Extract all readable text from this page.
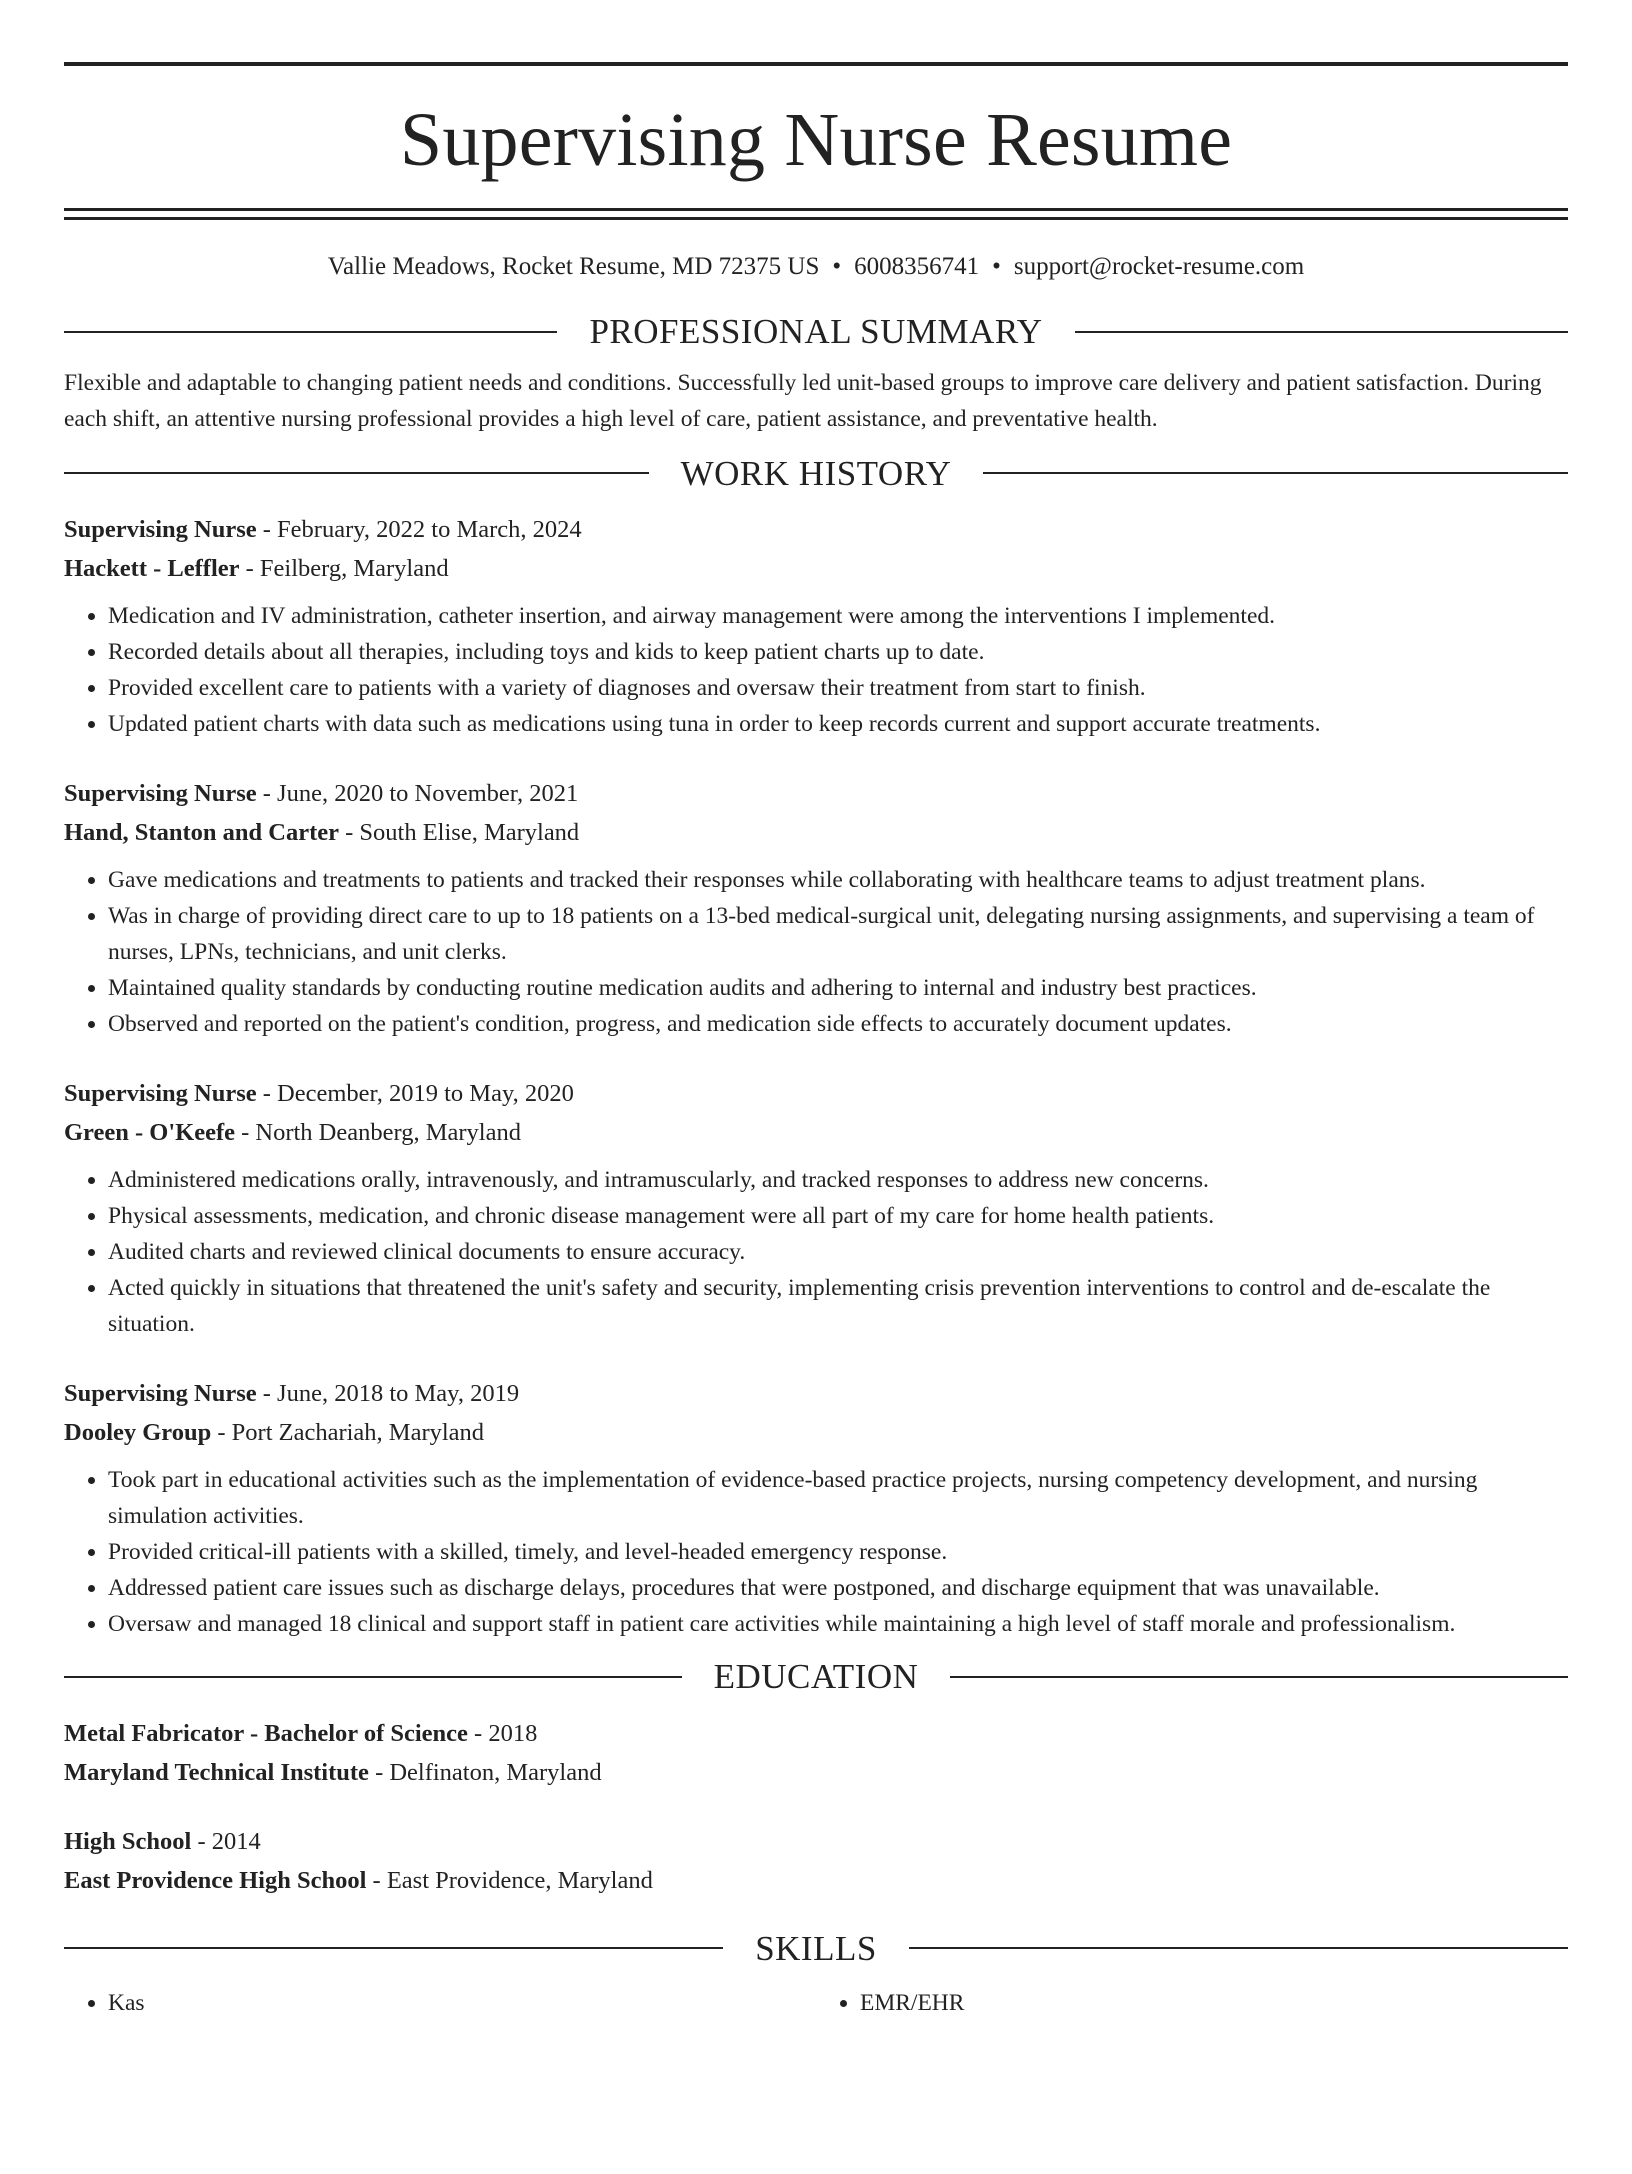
Supervising Nurse Resume
Vallie Meadows, Rocket Resume, MD 72375 US • 6008356741 • support@rocket-resume.com
PROFESSIONAL SUMMARY

Flexible and adaptable to changing patient needs and conditions. Successfully led unit-based groups to improve care delivery and patient satisfaction. During each shift, an attentive nursing professional provides a high level of care, patient assistance, and preventative health.

WORK HISTORY
Supervising Nurse - February, 2022 to March, 2024
Hackett - Leffler - Feilberg, Maryland
• Medication and IV administration, catheter insertion, and airway management were among the interventions I implemented.
• Recorded details about all therapies, including toys and kids to keep patient charts up to date.
• Provided excellent care to patients with a variety of diagnoses and oversaw their treatment from start to finish.
• Updated patient charts with data such as medications using tuna in order to keep records current and support accurate treatments.
Supervising Nurse - June, 2020 to November, 2021
Hand, Stanton and Carter - South Elise, Maryland
• Gave medications and treatments to patients and tracked their responses while collaborating with healthcare teams to adjust treatment plans.
• Was in charge of providing direct care to up to 18 patients on a 13-bed medical-surgical unit, delegating nursing assignments, and supervising a team of nurses, LPNs, technicians, and unit clerks.
• Maintained quality standards by conducting routine medication audits and adhering to internal and industry best practices.
• Observed and reported on the patient's condition, progress, and medication side effects to accurately document updates.
Supervising Nurse - December, 2019 to May, 2020
Green - O'Keefe - North Deanberg, Maryland
• Administered medications orally, intravenously, and intramuscularly, and tracked responses to address new concerns.
• Physical assessments, medication, and chronic disease management were all part of my care for home health patients.
• Audited charts and reviewed clinical documents to ensure accuracy.
• Acted quickly in situations that threatened the unit's safety and security, implementing crisis prevention interventions to control and de-escalate the situation.
Supervising Nurse - June, 2018 to May, 2019
Dooley Group - Port Zachariah, Maryland
• Took part in educational activities such as the implementation of evidence-based practice projects, nursing competency development, and nursing simulation activities.
• Provided critical-ill patients with a skilled, timely, and level-headed emergency response.
• Addressed patient care issues such as discharge delays, procedures that were postponed, and discharge equipment that was unavailable.
• Oversaw and managed 18 clinical and support staff in patient care activities while maintaining a high level of staff morale and professionalism.
EDUCATION
Metal Fabricator - Bachelor of Science - 2018
Maryland Technical Institute - Delfinaton, Maryland
High School - 2014
East Providence High School - East Providence, Maryland
SKILLS
• Kas
•	EMR/EHR
